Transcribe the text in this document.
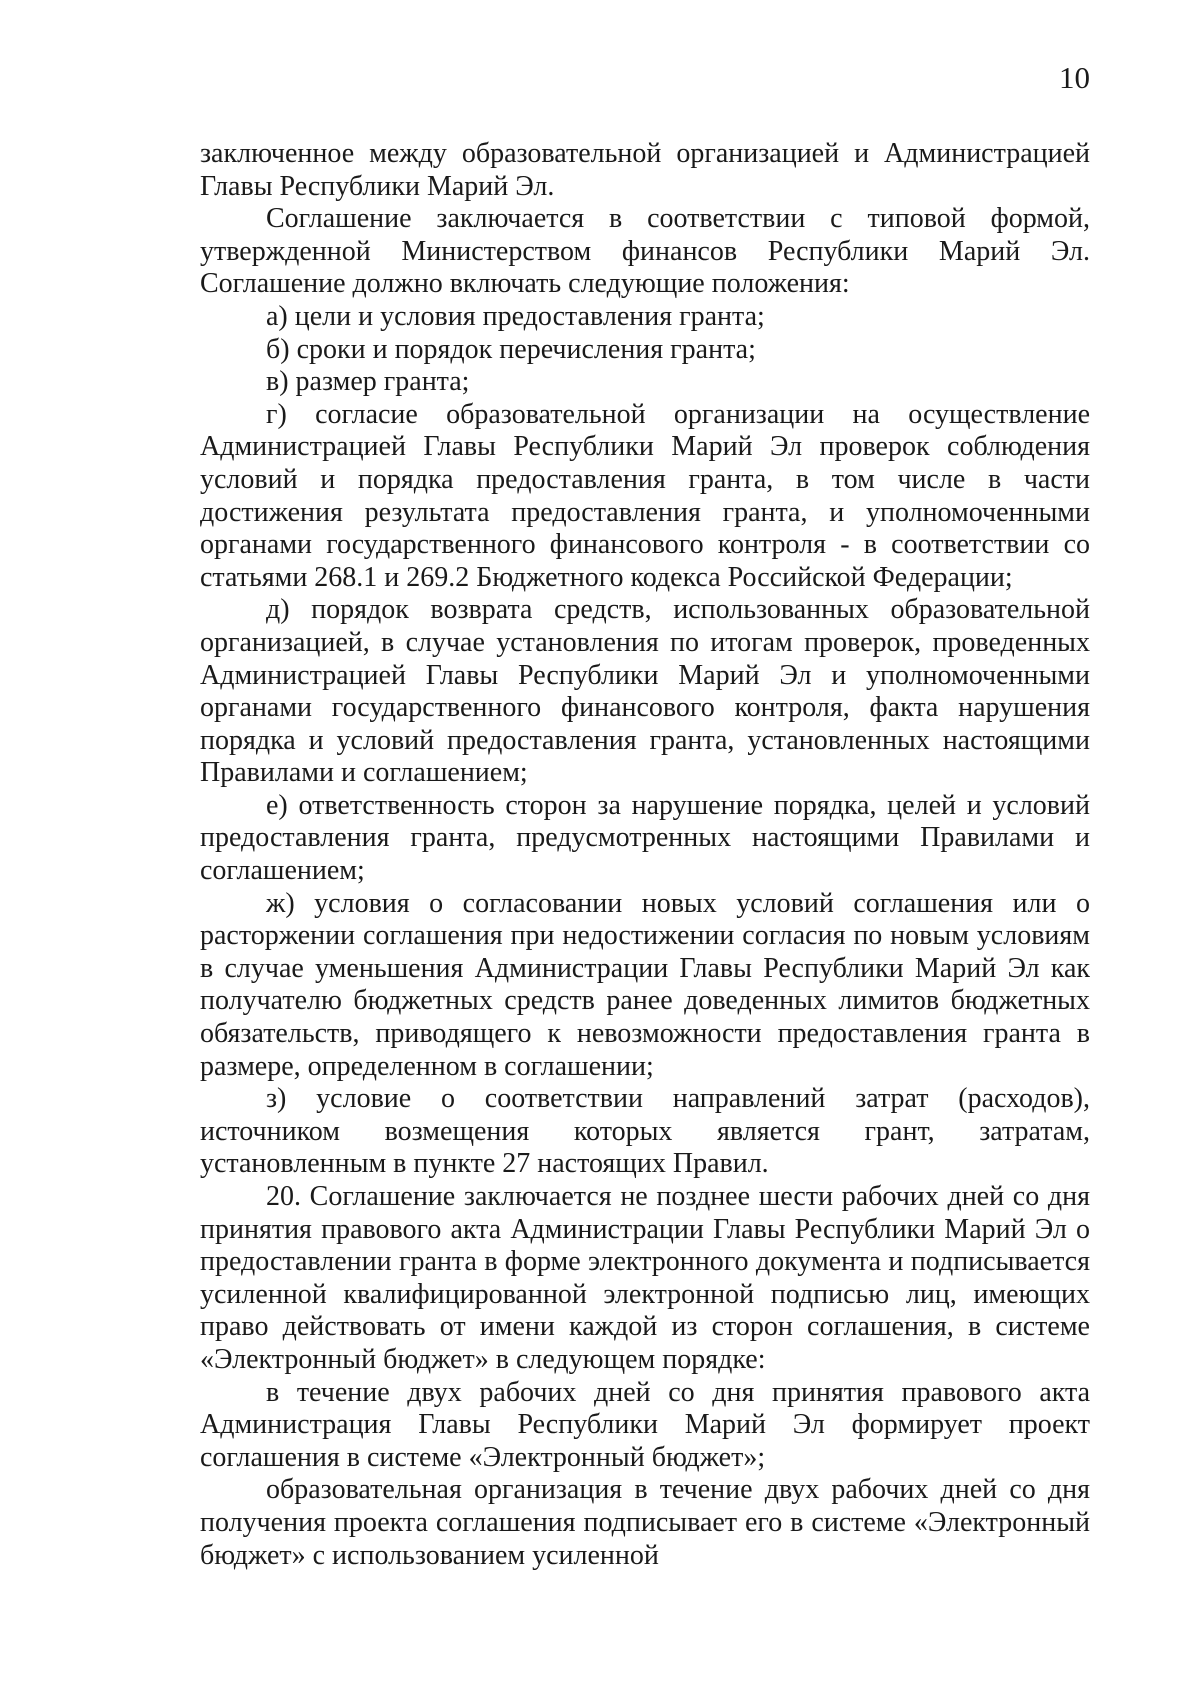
10

заключенное между образовательной организацией и Администрацией Главы Республики Марий Эл.

Соглашение заключается в соответствии с типовой формой, утвержденной Министерством финансов Республики Марий Эл. Соглашение должно включать следующие положения:

а) цели и условия предоставления гранта;

б) сроки и порядок перечисления гранта;

в) размер гранта;

г) согласие образовательной организации на осуществление Администрацией Главы Республики Марий Эл проверок соблюдения условий и порядка предоставления гранта, в том числе в части достижения результата предоставления гранта, и уполномоченными органами государственного финансового контроля - в соответствии со статьями 268.1 и 269.2 Бюджетного кодекса Российской Федерации;

д) порядок возврата средств, использованных образовательной организацией, в случае установления по итогам проверок, проведенных Администрацией Главы Республики Марий Эл и уполномоченными органами государственного финансового контроля, факта нарушения порядка и условий предоставления гранта, установленных настоящими Правилами и соглашением;

е) ответственность сторон за нарушение порядка, целей и условий предоставления гранта, предусмотренных настоящими Правилами и соглашением;

ж) условия о согласовании новых условий соглашения или о расторжении соглашения при недостижении согласия по новым условиям в случае уменьшения Администрации Главы Республики Марий Эл как получателю бюджетных средств ранее доведенных лимитов бюджетных обязательств, приводящего к невозможности предоставления гранта в размере, определенном в соглашении;

з) условие о соответствии направлений затрат (расходов), источником возмещения которых является грант, затратам, установленным в пункте 27 настоящих Правил.

20. Соглашение заключается не позднее шести рабочих дней со дня принятия правового акта Администрации Главы Республики Марий Эл о предоставлении гранта в форме электронного документа и подписывается усиленной квалифицированной электронной подписью лиц, имеющих право действовать от имени каждой из сторон соглашения, в системе «Электронный бюджет» в следующем порядке:

в течение двух рабочих дней со дня принятия правового акта Администрация Главы Республики Марий Эл формирует проект соглашения в системе «Электронный бюджет»;

образовательная организация в течение двух рабочих дней со дня получения проекта соглашения подписывает его в системе «Электронный бюджет» с использованием усиленной
